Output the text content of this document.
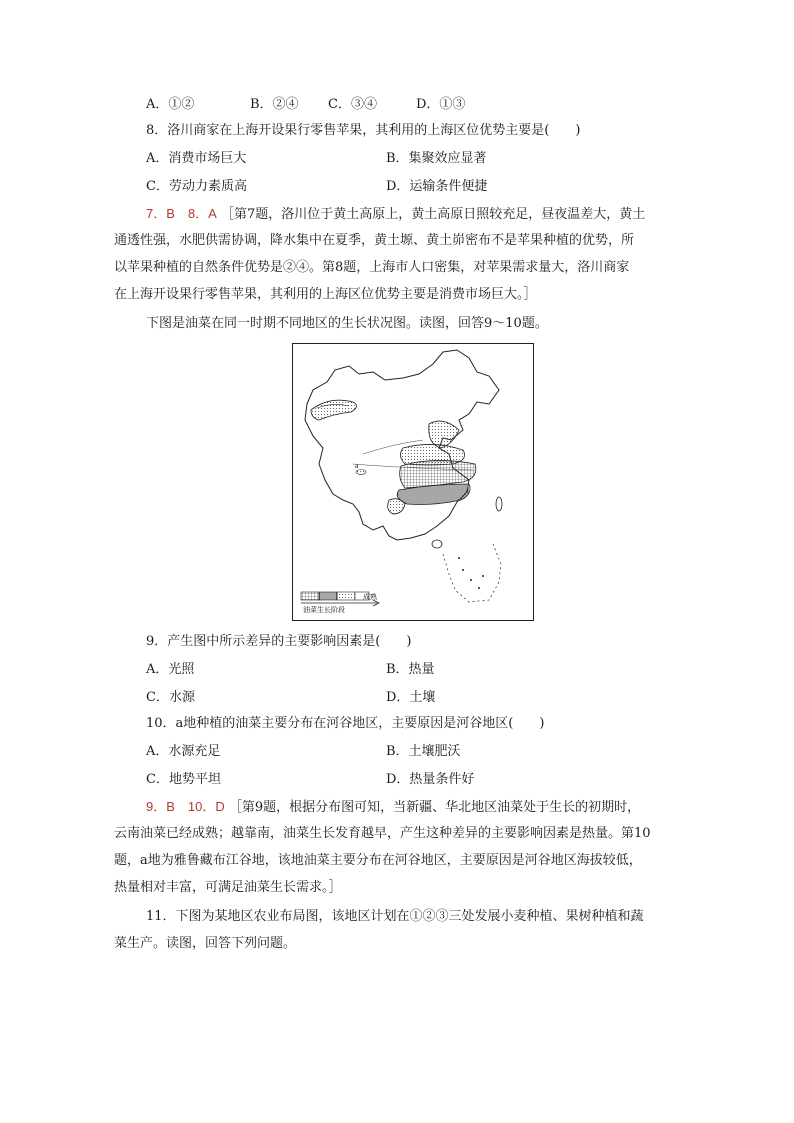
A．①②	B．②④ C．③④	D．①③
8．洛川商家在上海开设果行零售苹果，其利用的上海区位优势主要是(　　)
A．消费市场巨大	B．集聚效应显著
C．劳动力素质高	D．运输条件便捷
7．B　8．A ［第7题，洛川位于黄土高原上，黄土高原日照较充足，昼夜温差大，黄土
通透性强，水肥供需协调，降水集中在夏季，黄土塬、黄土峁密布不是苹果种植的优势，所
以苹果种植的自然条件优势是②④。第8题，上海市人口密集，对苹果需求量大，洛川商家
在上海开设果行零售苹果，其利用的上海区位优势主要是消费市场巨大。］
下图是油菜在同一时期不同地区的生长状况图。读图，回答9～10题。
a
成熟
油菜生长阶段
9．产生图中所示差异的主要影响因素是(　　)
A．光照	B．热量
C．水源	D．土壤
10．a地种植的油菜主要分布在河谷地区，主要原因是河谷地区(　　)
A．水源充足	B．土壤肥沃
C．地势平坦	D．热量条件好
9．B　10．D ［第9题，根据分布图可知，当新疆、华北地区油菜处于生长的初期时，
云南油菜已经成熟；越靠南，油菜生长发育越早，产生这种差异的主要影响因素是热量。第10
题，a地为雅鲁藏布江谷地，该地油菜主要分布在河谷地区，主要原因是河谷地区海拔较低，
热量相对丰富，可满足油菜生长需求。］
11．下图为某地区农业布局图，该地区计划在①②③三处发展小麦种植、果树种植和蔬
菜生产。读图，回答下列问题。
